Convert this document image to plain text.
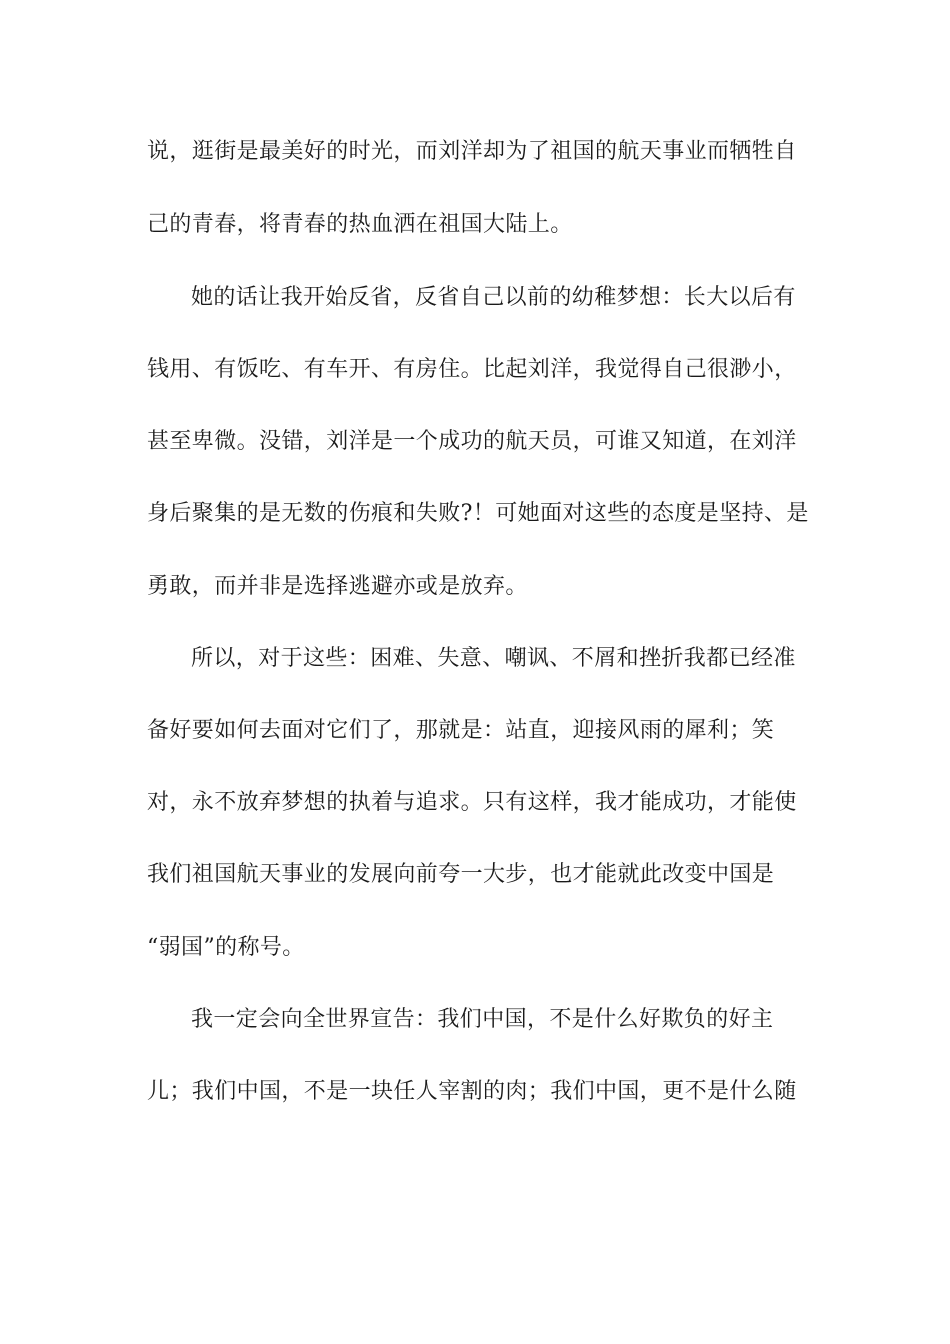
说，逛街是最美好的时光，而刘洋却为了祖国的航天事业而牺牲自
己的青春，将青春的热血洒在祖国大陆上。
她的话让我开始反省，反省自己以前的幼稚梦想：长大以后有
钱用、有饭吃、有车开、有房住。比起刘洋，我觉得自己很渺小，
甚至卑微。没错，刘洋是一个成功的航天员，可谁又知道，在刘洋
身后聚集的是无数的伤痕和失败?！可她面对这些的态度是坚持、是
勇敢，而并非是选择逃避亦或是放弃。
所以，对于这些：困难、失意、嘲讽、不屑和挫折我都已经准
备好要如何去面对它们了，那就是：站直，迎接风雨的犀利；笑
对，永不放弃梦想的执着与追求。只有这样，我才能成功，才能使
我们祖国航天事业的发展向前夸一大步，也才能就此改变中国是
“弱国”的称号。
我一定会向全世界宣告：我们中国，不是什么好欺负的好主
儿；我们中国，不是一块任人宰割的肉；我们中国，更不是什么随
